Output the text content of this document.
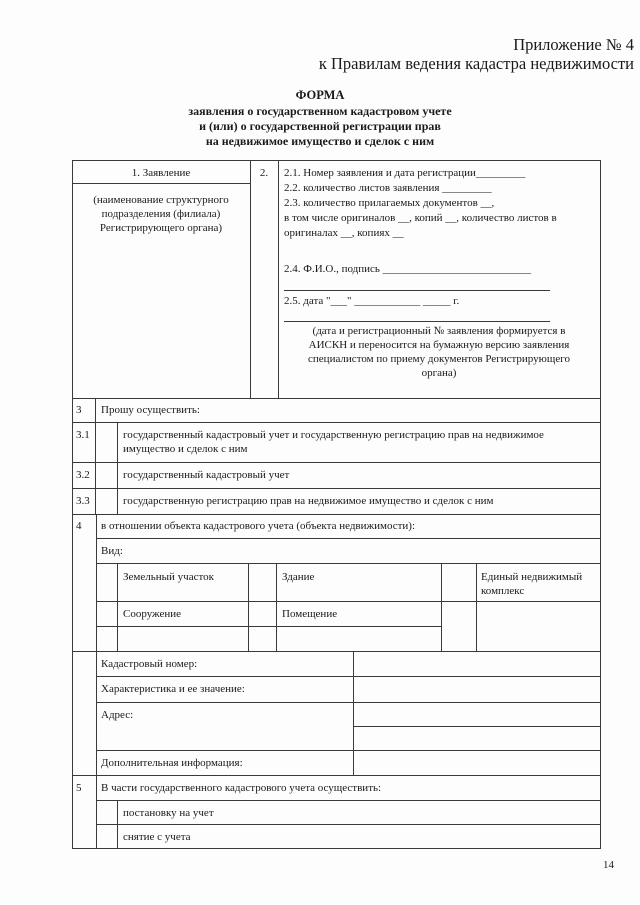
Приложение № 4
к Правилам ведения кадастра недвижимости
ФОРМА
заявления о государственном кадастровом учете
и (или) о государственной регистрации прав
на недвижимое имущество и сделок с ним
1. Заявление
(наименование структурного
подразделения (филиала)
Регистрирующего органа)
2.	2.1. Номер заявления и дата регистрации_________
2.2. количество листов заявления _________
2.3. количество прилагаемых документов __,
в том числе оригиналов __, копий __, количество листов в
оригиналах __, копиях __
2.4. Ф.И.О., подпись ___________________________
2.5. дата "___" ____________ _____ г.
(дата и регистрационный № заявления формируется в
АИСКН и переносится на бумажную версию заявления
специалистом по приему документов Регистрирующего
органа)
3 Прошу осуществить:
3.1	государственный кадастровый учет и государственную регистрацию прав на недвижимое
имущество и сделок с ним
3.2	государственный кадастровый учет
3.3	государственную регистрацию прав на недвижимое имущество и сделок с ним
4 в отношении объекта кадастрового учета (объекта недвижимости):
Вид:
Земельный участок	Здание	Единый недвижимый
комплекс
Сооружение	Помещение
Кадастровый номер:
Характеристика и ее значение:
Адрес:
Дополнительная информация:
5 В части государственного кадастрового учета осуществить:
постановку на учет
снятие с учета
14
